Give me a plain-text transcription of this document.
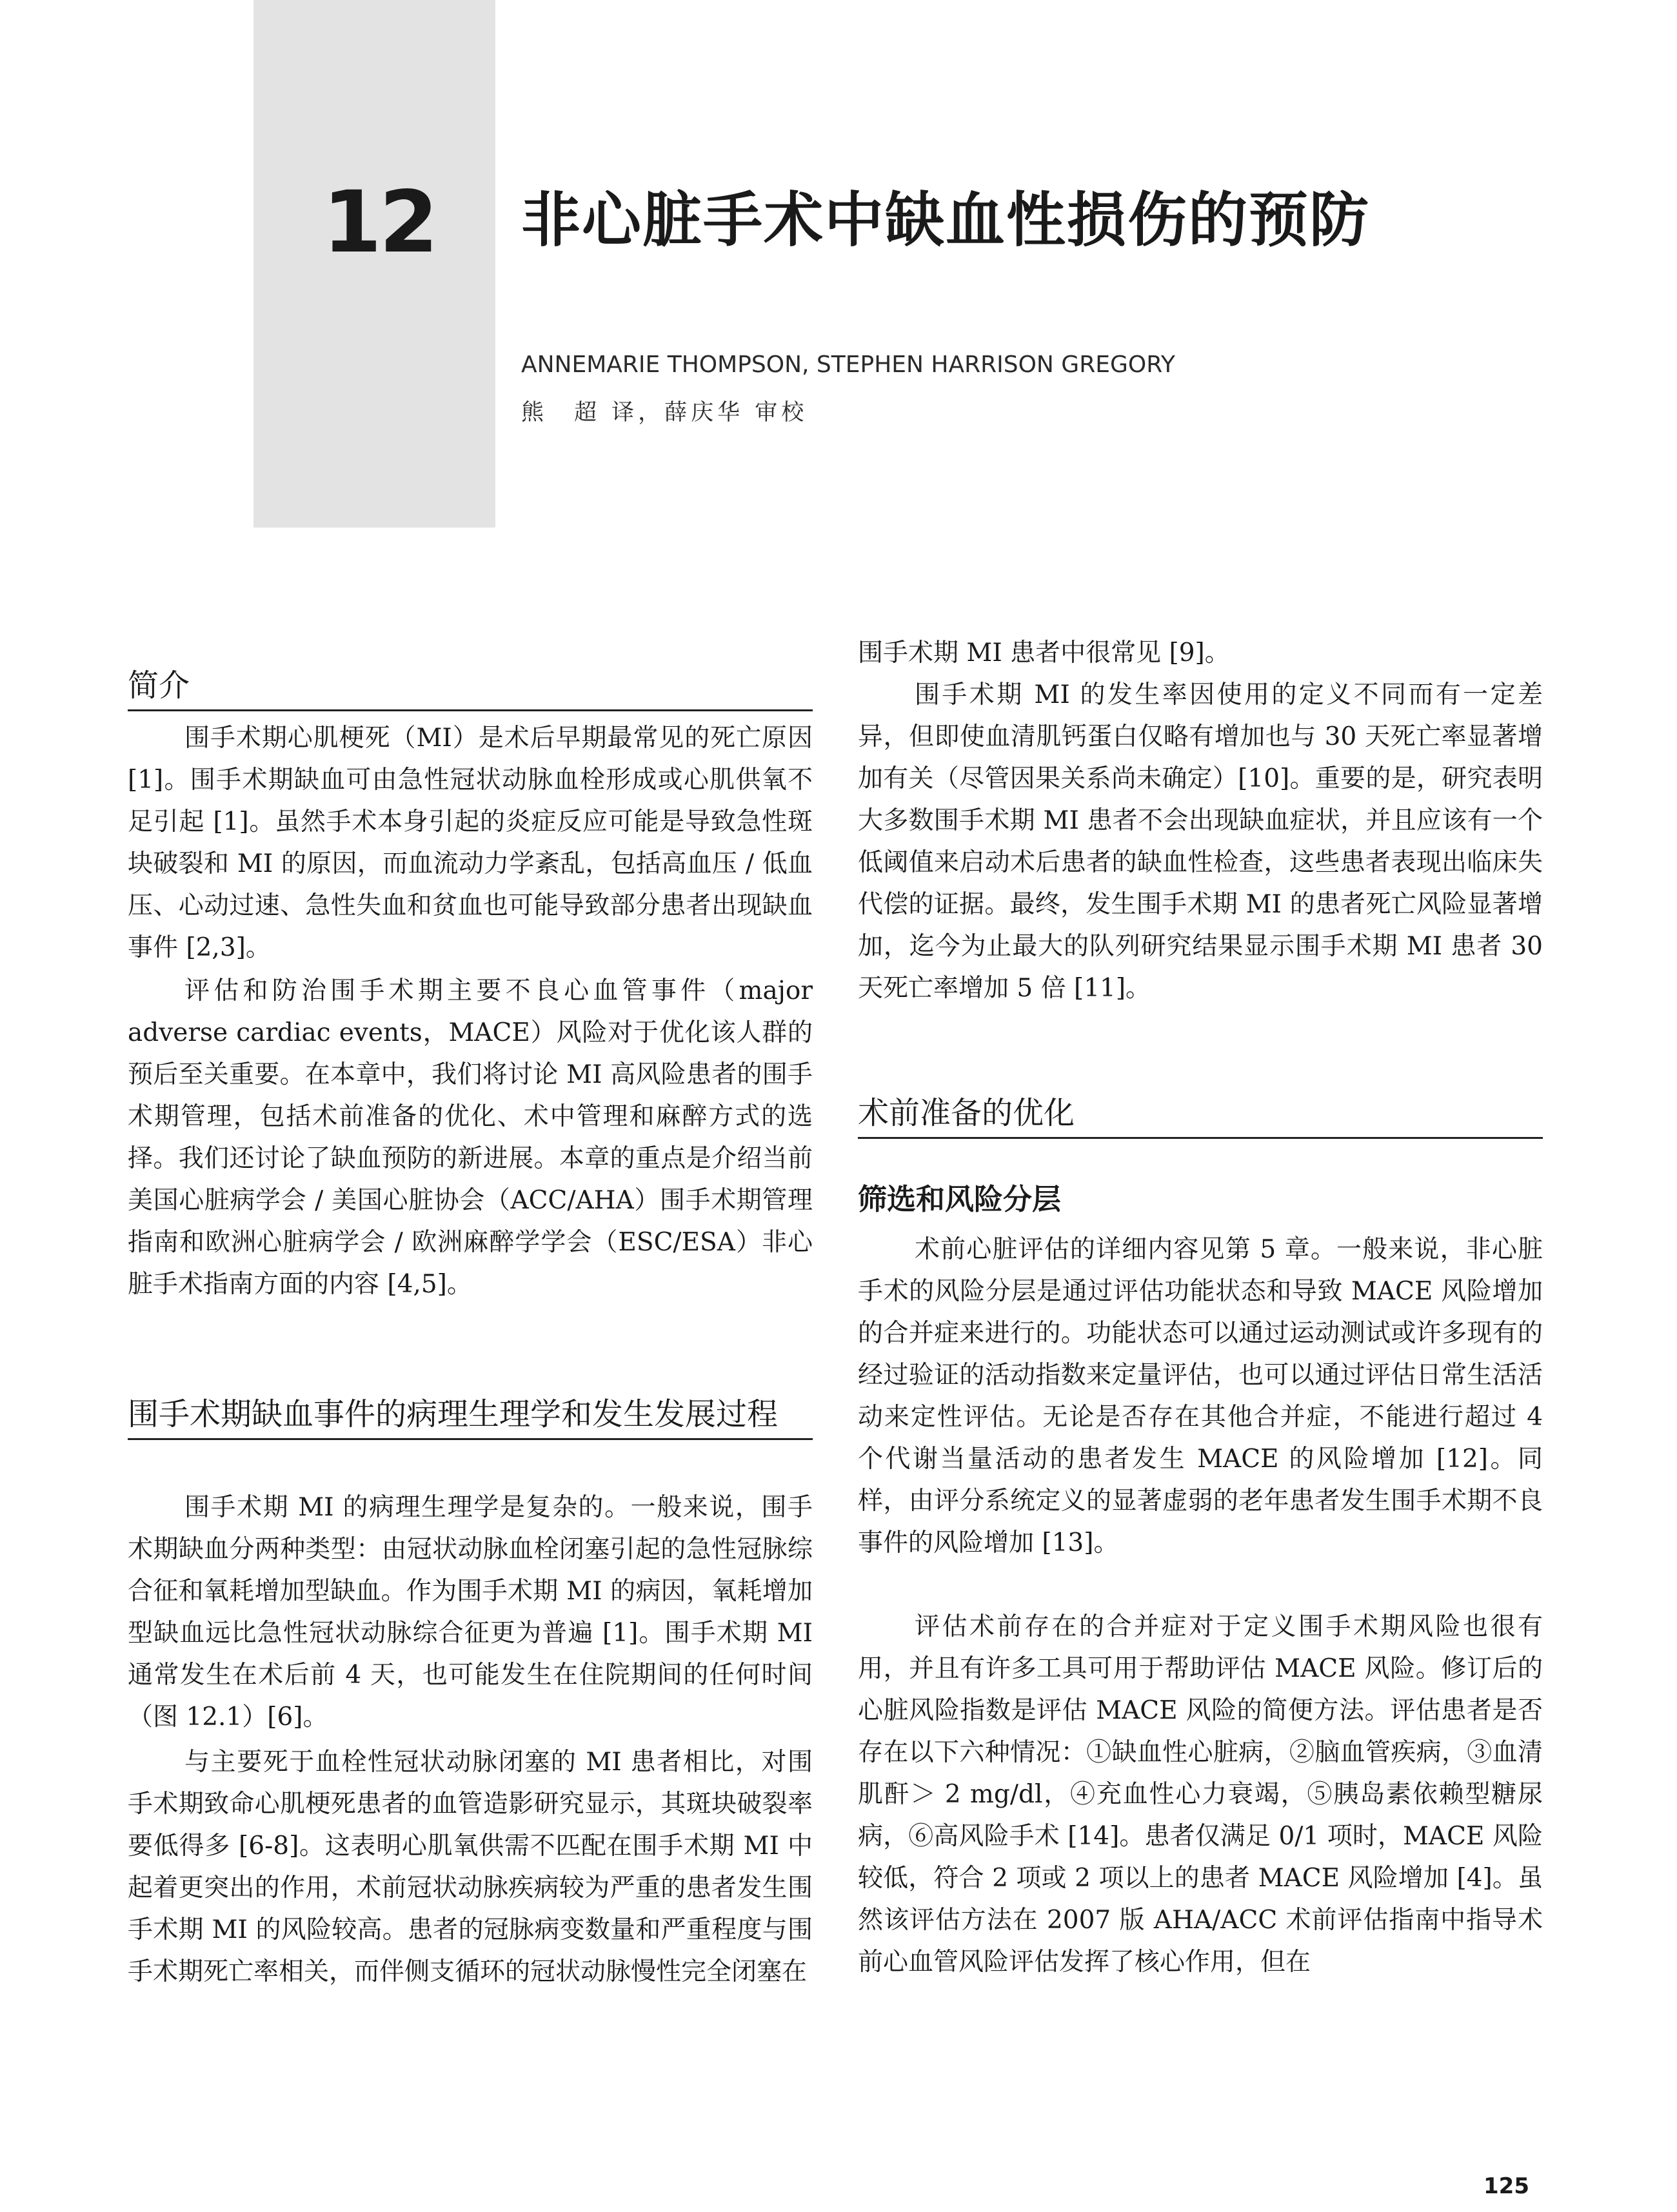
12 非心脏手术中缺血性损伤的预防
ANNEMARIE THOMPSON, STEPHEN HARRISON GREGORY
熊　超 译，薛庆华 审校
简介
围手术期心肌梗死（MI）是术后早期最常见的死亡原因 [1]。围手术期缺血可由急性冠状动脉血栓形成或心肌供氧不足引起 [1]。虽然手术本身引起的炎症反应可能是导致急性斑块破裂和 MI 的原因，而血流动力学紊乱，包括高血压 / 低血压、心动过速、急性失血和贫血也可能导致部分患者出现缺血事件 [2,3]。
评估和防治围手术期主要不良心血管事件（major adverse cardiac events，MACE）风险对于优化该人群的预后至关重要。在本章中，我们将讨论 MI 高风险患者的围手术期管理，包括术前准备的优化、术中管理和麻醉方式的选择。我们还讨论了缺血预防的新进展。本章的重点是介绍当前美国心脏病学会 / 美国心脏协会（ACC/AHA）围手术期管理指南和欧洲心脏病学会 / 欧洲麻醉学学会（ESC/ESA）非心脏手术指南方面的内容 [4,5]。
围手术期缺血事件的病理生理学和发生发展过程
围手术期 MI 的病理生理学是复杂的。一般来说，围手术期缺血分两种类型：由冠状动脉血栓闭塞引起的急性冠脉综合征和氧耗增加型缺血。作为围手术期 MI 的病因，氧耗增加型缺血远比急性冠状动脉综合征更为普遍 [1]。围手术期 MI 通常发生在术后前 4 天，也可能发生在住院期间的任何时间（图 12.1）[6]。
与主要死于血栓性冠状动脉闭塞的 MI 患者相比，对围手术期致命心肌梗死患者的血管造影研究显示，其斑块破裂率要低得多 [6-8]。这表明心肌氧供需不匹配在围手术期 MI 中起着更突出的作用，术前冠状动脉疾病较为严重的患者发生围手术期 MI 的风险较高。患者的冠脉病变数量和严重程度与围手术期死亡率相关，而伴侧支循环的冠状动脉慢性完全闭塞在
围手术期 MI 患者中很常见 [9]。
围手术期 MI 的发生率因使用的定义不同而有一定差异，但即使血清肌钙蛋白仅略有增加也与 30 天死亡率显著增加有关（尽管因果关系尚未确定）[10]。重要的是，研究表明大多数围手术期 MI 患者不会出现缺血症状，并且应该有一个低阈值来启动术后患者的缺血性检查，这些患者表现出临床失代偿的证据。最终，发生围手术期 MI 的患者死亡风险显著增加，迄今为止最大的队列研究结果显示围手术期 MI 患者 30 天死亡率增加 5 倍 [11]。
术前准备的优化
筛选和风险分层
术前心脏评估的详细内容见第 5 章。一般来说，非心脏手术的风险分层是通过评估功能状态和导致 MACE 风险增加的合并症来进行的。功能状态可以通过运动测试或许多现有的经过验证的活动指数来定量评估，也可以通过评估日常生活活动来定性评估。无论是否存在其他合并症，不能进行超过 4 个代谢当量活动的患者发生 MACE 的风险增加 [12]。同样，由评分系统定义的显著虚弱的老年患者发生围手术期不良事件的风险增加 [13]。
评估术前存在的合并症对于定义围手术期风险也很有用，并且有许多工具可用于帮助评估 MACE 风险。修订后的心脏风险指数是评估 MACE 风险的简便方法。评估患者是否存在以下六种情况：①缺血性心脏病，②脑血管疾病，③血清肌酐＞ 2 mg/dl，④充血性心力衰竭，⑤胰岛素依赖型糖尿病，⑥高风险手术 [14]。患者仅满足 0/1 项时，MACE 风险较低，符合 2 项或 2 项以上的患者 MACE 风险增加 [4]。虽然该评估方法在 2007 版 AHA/ACC 术前评估指南中指导术前心血管风险评估发挥了核心作用，但在
125
